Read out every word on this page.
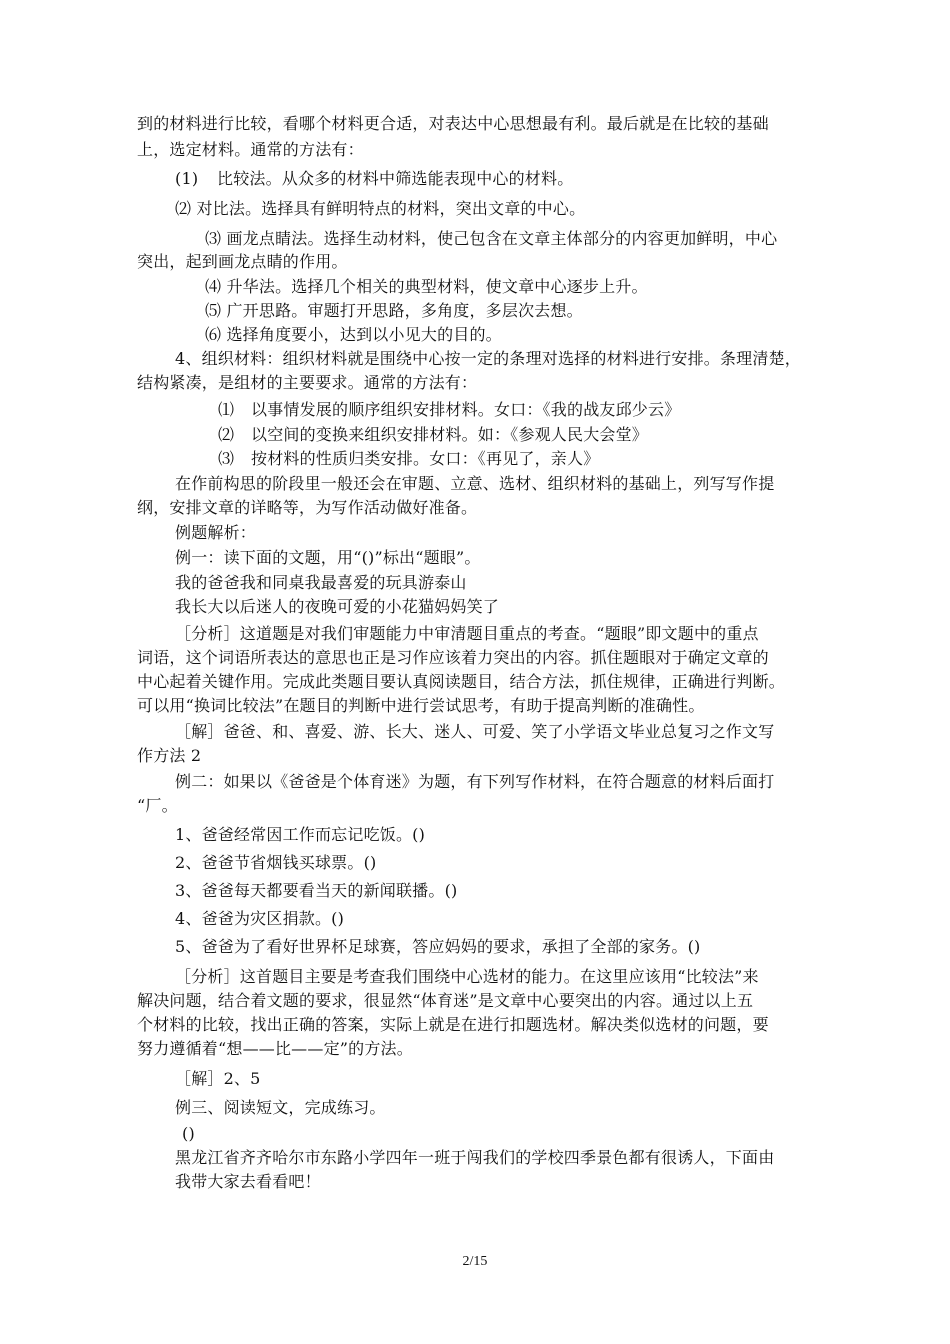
到的材料进行比较，看哪个材料更合适，对表达中心思想最有利。最后就是在比较的基础
上，选定材料。通常的方法有：
(1) 比较法。从众多的材料中筛选能表现中心的材料。
⑵ 对比法。选择具有鲜明特点的材料，突出文章的中心。
⑶ 画龙点睛法。选择生动材料，使己包含在文章主体部分的内容更加鲜明，中心
突出，起到画龙点睛的作用。
⑷ 升华法。选择几个相关的典型材料，使文章中心逐步上升。
⑸ 广开思路。审题打开思路，多角度，多层次去想。
⑹ 选择角度要小，达到以小见大的目的。
4、组织材料：组织材料就是围绕中心按一定的条理对选择的材料进行安排。条理清楚，
结构紧凑，是组材的主要要求。通常的方法有：
⑴ 以事情发展的顺序组织安排材料。女口：《我的战友邱少云》
⑵ 以空间的变换来组织安排材料。如：《参观人民大会堂》
⑶ 按材料的性质归类安排。女口：《再见了，亲人》
在作前构思的阶段里一般还会在审题、立意、选材、组织材料的基础上，列写写作提
纲，安排文章的详略等，为写作活动做好准备。
例题解析：
例一：读下面的文题，用“()”标出“题眼”。
我的爸爸我和同桌我最喜爱的玩具游泰山
我长大以后迷人的夜晚可爱的小花猫妈妈笑了
［分析］这道题是对我们审题能力中审清题目重点的考查。“题眼”即文题中的重点
词语，这个词语所表达的意思也正是习作应该着力突出的内容。抓住题眼对于确定文章的
中心起着关键作用。完成此类题目要认真阅读题目，结合方法，抓住规律，正确进行判断。
可以用“换词比较法”在题目的判断中进行尝试思考，有助于提高判断的准确性。
［解］爸爸、和、喜爱、游、长大、迷人、可爱、笑了小学语文毕业总复习之作文写
作方法 2
例二：如果以《爸爸是个体育迷》为题，有下列写作材料，在符合题意的材料后面打
“厂。
1、爸爸经常因工作而忘记吃饭。()
2、爸爸节省烟钱买球票。()
3、爸爸每天都要看当天的新闻联播。()
4、爸爸为灾区捐款。()
5、爸爸为了看好世界杯足球赛，答应妈妈的要求，承担了全部的家务。()
［分析］这首题目主要是考查我们围绕中心选材的能力。在这里应该用“比较法”来
解决问题，结合着文题的要求，很显然“体育迷”是文章中心要突出的内容。通过以上五
个材料的比较，找出正确的答案，实际上就是在进行扣题选材。解决类似选材的问题，要
努力遵循着“想——比——定”的方法。
［解］2、5
例三、阅读短文，完成练习。
()
黑龙江省齐齐哈尔市东路小学四年一班于闯我们的学校四季景色都有很诱人，下面由
我带大家去看看吧！
2/15
